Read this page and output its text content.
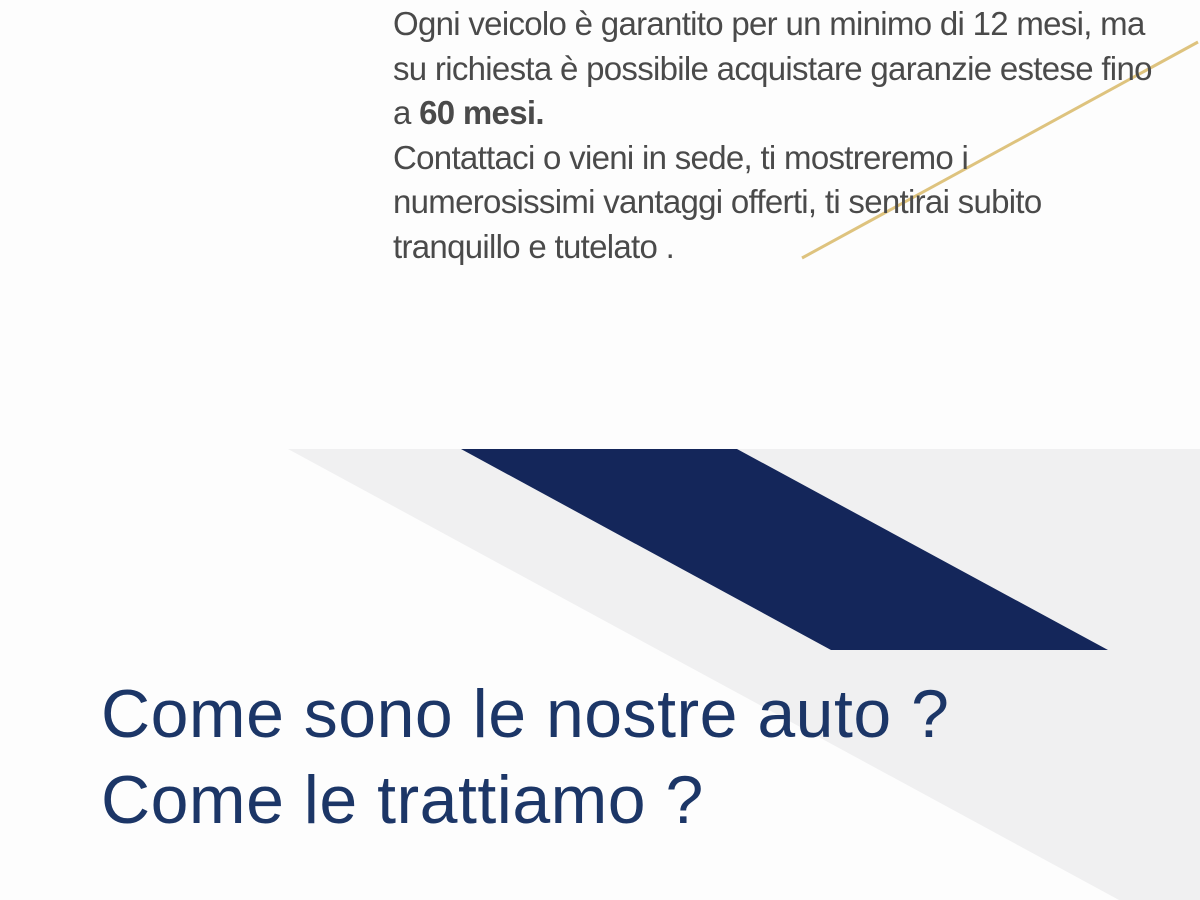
Ogni veicolo è garantito per un minimo di 12 mesi, ma
su richiesta è possibile acquistare garanzie estese fino
a 60 mesi.
Contattaci o vieni in sede, ti mostreremo i
numerosissimi vantaggi offerti, ti sentirai subito
tranquillo e tutelato .
Come sono le nostre auto ?
Come le trattiamo ?
